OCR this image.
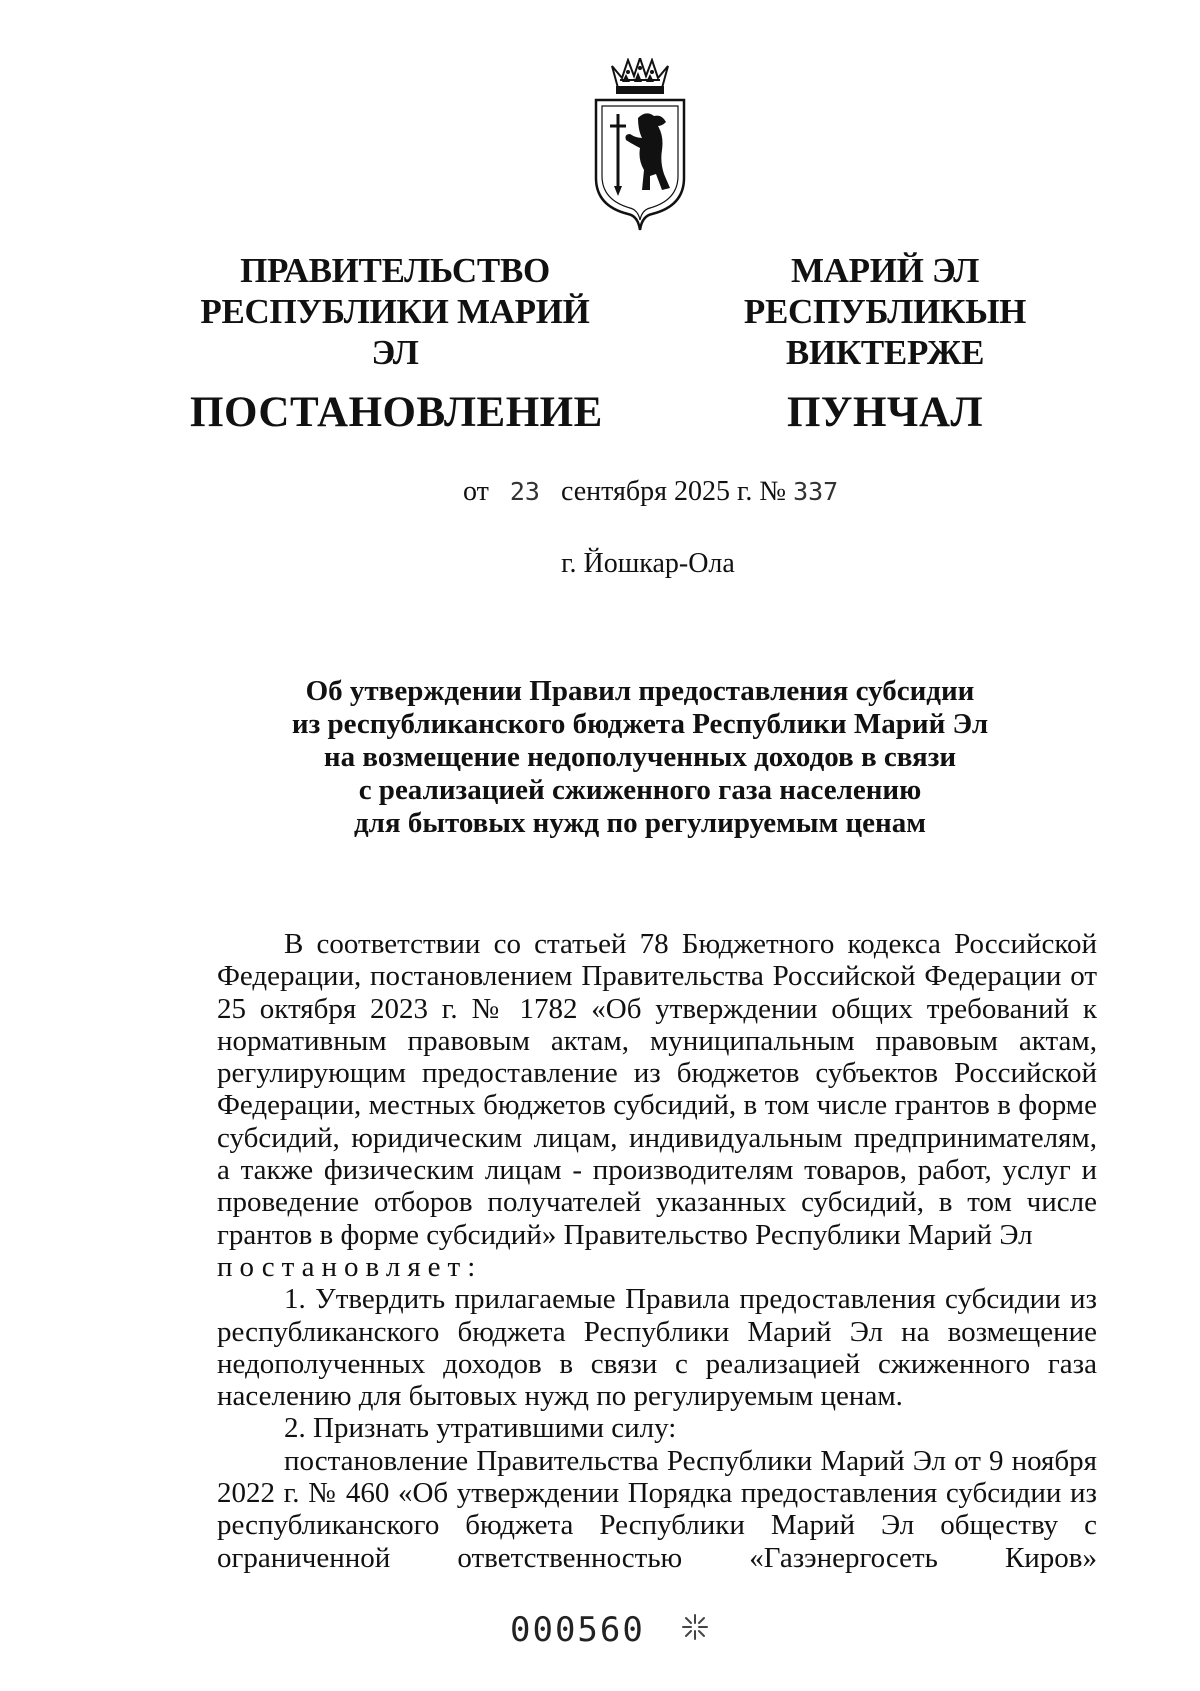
ПРАВИТЕЛЬСТВО
РЕСПУБЛИКИ МАРИЙ ЭЛ
ПОСТАНОВЛЕНИЕ
МАРИЙ ЭЛ РЕСПУБЛИКЫН
ВИКТЕРЖЕ
ПУНЧАЛ
от 23 сентября 2025 г. № 337
г. Йошкар-Ола
Об утверждении Правил предоставления субсидии
из республиканского бюджета Республики Марий Эл
на возмещение недополученных доходов в связи
с реализацией сжиженного газа населению
для бытовых нужд по регулируемым ценам

В соответствии со статьей 78 Бюджетного кодекса Российской Федерации, постановлением Правительства Российской Федерации от 25 октября 2023 г. № 1782 «Об утверждении общих требований к нормативным правовым актам, муниципальным правовым актам, регулирующим предоставление из бюджетов субъектов Российской Федерации, местных бюджетов субсидий, в том числе грантов в форме субсидий, юридическим лицам, индивидуальным предпринимателям, а также физическим лицам - производителям товаров, работ, услуг и проведение отборов получателей указанных субсидий, в том числе грантов в форме субсидий» Правительство Республики Марий Эл

постановляет:

1. Утвердить прилагаемые Правила предоставления субсидии из республиканского бюджета Республики Марий Эл на возмещение недополученных доходов в связи с реализацией сжиженного газа населению для бытовых нужд по регулируемым ценам.

2. Признать утратившими силу:

постановление Правительства Республики Марий Эл от 9 ноября 2022 г. № 460 «Об утверждении Порядка предоставления субсидии из республиканского бюджета Республики Марий Эл обществу с ограниченной ответственностью «Газэнергосеть Киров»

000560
